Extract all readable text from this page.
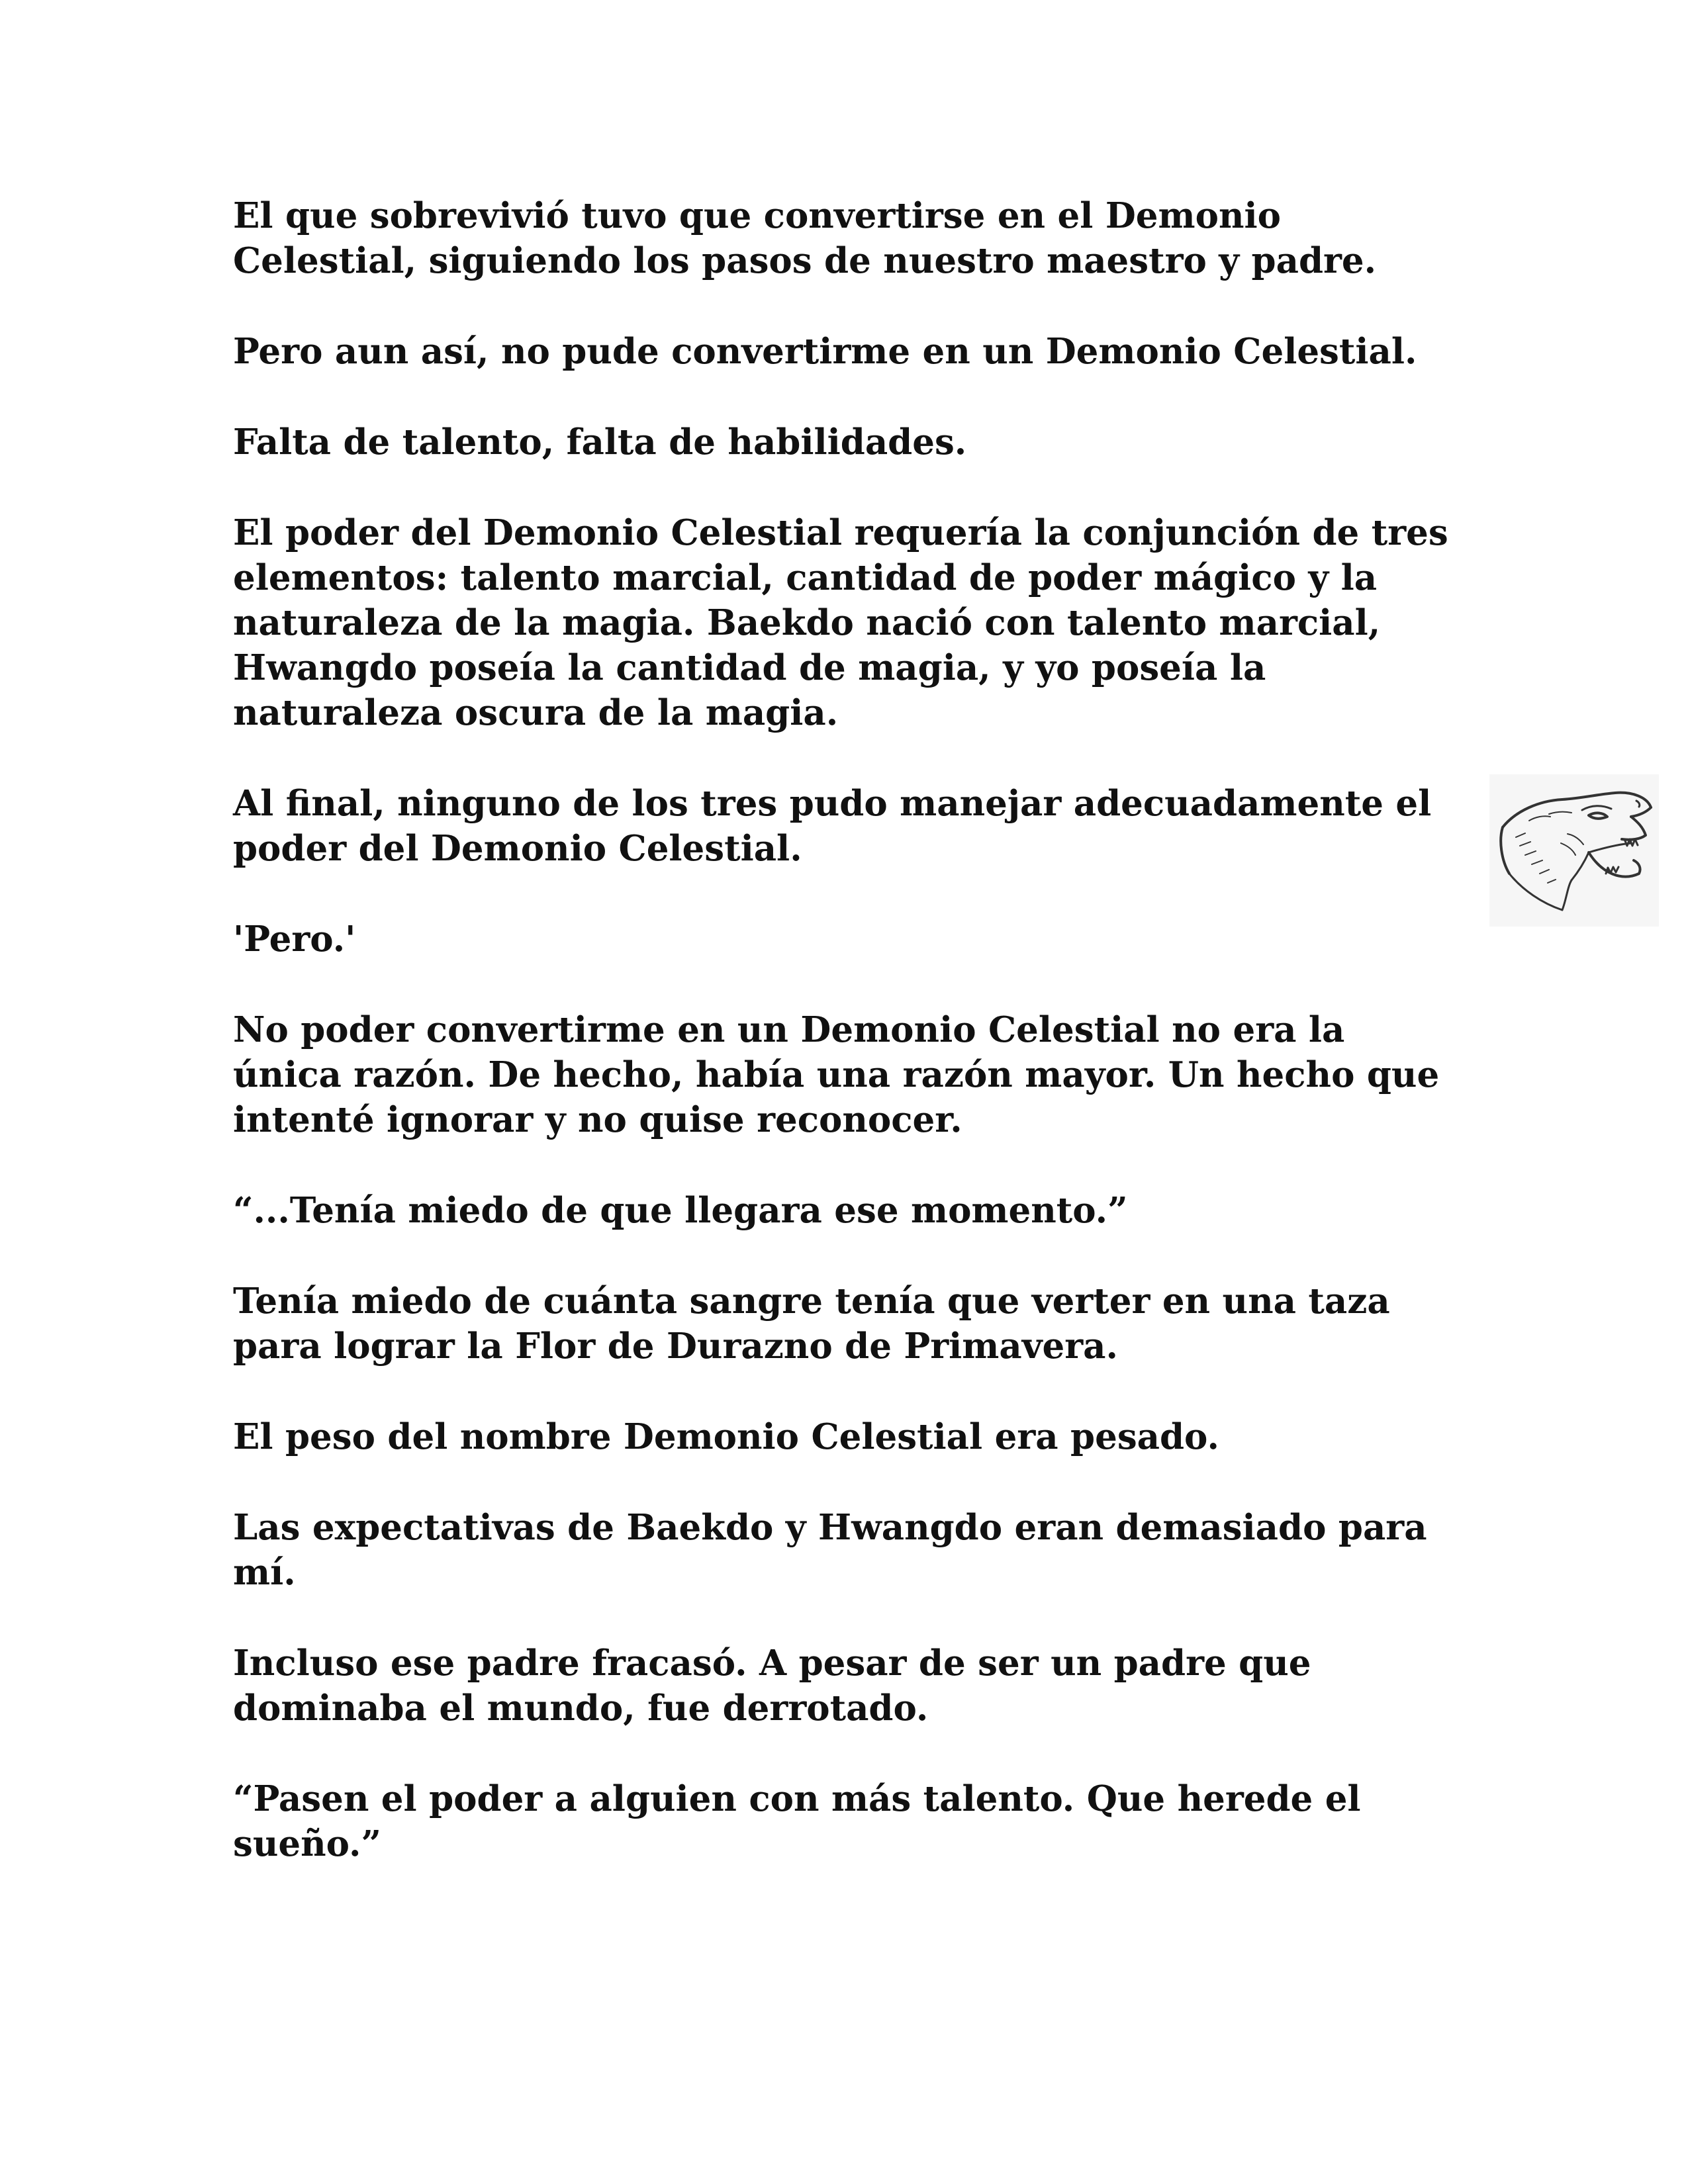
El que sobrevivió tuvo que convertirse en el Demonio
Celestial, siguiendo los pasos de nuestro maestro y padre.

Pero aun así, no pude convertirme en un Demonio Celestial.

Falta de talento, falta de habilidades.

El poder del Demonio Celestial requería la conjunción de tres
elementos: talento marcial, cantidad de poder mágico y la
naturaleza de la magia. Baekdo nació con talento marcial,
Hwangdo poseía la cantidad de magia, y yo poseía la
naturaleza oscura de la magia.

Al final, ninguno de los tres pudo manejar adecuadamente el
poder del Demonio Celestial.

'Pero.'

No poder convertirme en un Demonio Celestial no era la
única razón. De hecho, había una razón mayor. Un hecho que
intenté ignorar y no quise reconocer.

“...Tenía miedo de que llegara ese momento.”

Tenía miedo de cuánta sangre tenía que verter en una taza
para lograr la Flor de Durazno de Primavera.

El peso del nombre Demonio Celestial era pesado.

Las expectativas de Baekdo y Hwangdo eran demasiado para
mí.

Incluso ese padre fracasó. A pesar de ser un padre que
dominaba el mundo, fue derrotado.

“Pasen el poder a alguien con más talento. Que herede el
sueño.”
